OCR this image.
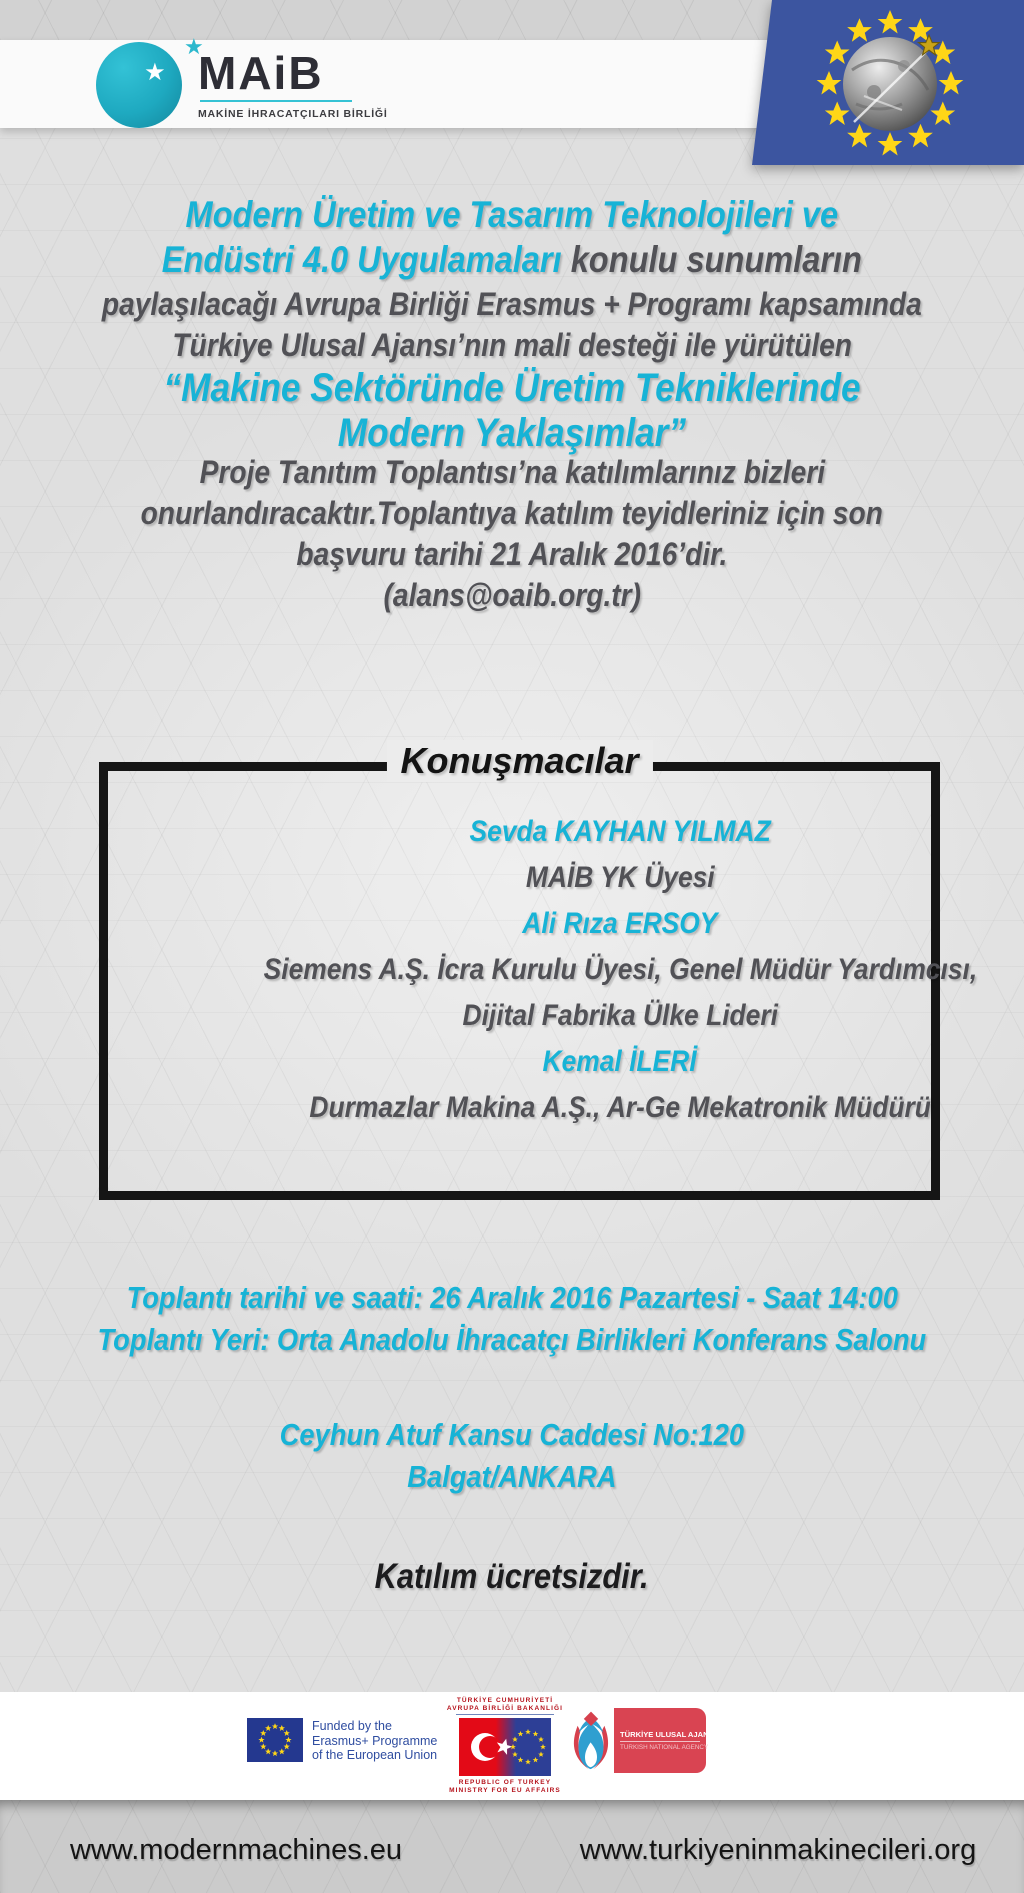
★
★
MAiB
MAKİNE İHRACATÇILARI BİRLİĞİ
Modern Üretim ve Tasarım Teknolojileri ve
Endüstri 4.0 Uygulamaları konulu sunumların
paylaşılacağı Avrupa Birliği Erasmus + Programı kapsamında
Türkiye Ulusal Ajansı’nın mali desteği ile yürütülen
“Makine Sektöründe Üretim Tekniklerinde
Modern Yaklaşımlar”
Proje Tanıtım Toplantısı’na katılımlarınız bizleri
onurlandıracaktır.Toplantıya katılım teyidleriniz için son
başvuru tarihi 21 Aralık 2016’dir.
(alans@oaib.org.tr)
Konuşmacılar
Sevda KAYHAN YILMAZ
MAİB YK Üyesi
Ali Rıza ERSOY
Siemens A.Ş. İcra Kurulu Üyesi, Genel Müdür Yardımcısı,
Dijital Fabrika Ülke Lideri
Kemal İLERİ
Durmazlar Makina A.Ş., Ar-Ge Mekatronik Müdürü
Toplantı tarihi ve saati: 26 Aralık 2016 Pazartesi - Saat 14:00
Toplantı Yeri: Orta Anadolu İhracatçı Birlikleri Konferans Salonu
Ceyhun Atuf Kansu Caddesi No:120
Balgat/ANKARA
Katılım ücretsizdir.
Funded by the
Erasmus+ Programme
of the European Union
TÜRKİYE CUMHURİYETİ
AVRUPA BİRLİĞİ BAKANLIĞI
REPUBLIC OF TURKEY
MINISTRY FOR EU AFFAIRS
TÜRKİYE ULUSAL AJANSI
TURKISH NATIONAL AGENCY
www.modernmachines.eu	www.turkiyeninmakinecileri.org
